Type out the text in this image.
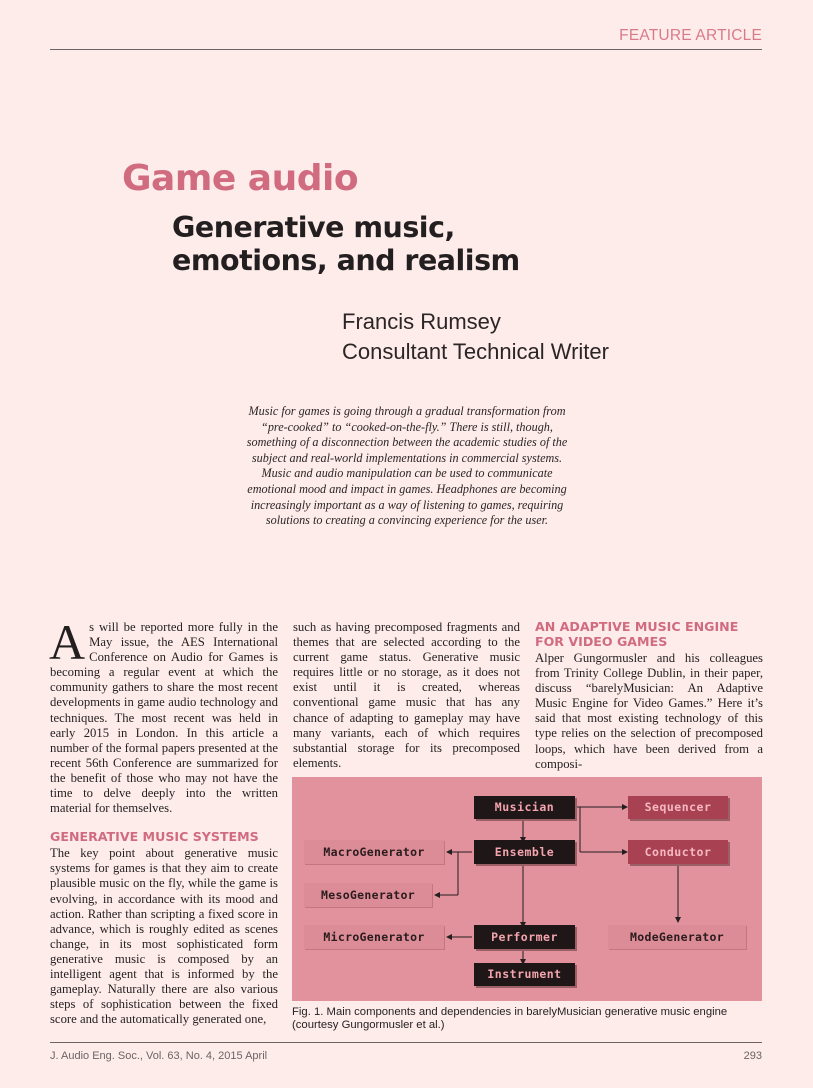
FEATURE ARTICLE
Game audio
Generative music,
emotions, and realism
Francis Rumsey
Consultant Technical Writer
Music for games is going through a gradual transformation from
“pre-cooked” to “cooked-on-the-fly.” There is still, though,
something of a disconnection between the academic studies of the
subject and real-world implementations in commercial systems.
Music and audio manipulation can be used to communicate
emotional mood and impact in games. Headphones are becoming
increasingly important as a way of listening to games, requiring
solutions to creating a convincing experience for the user.

As will be reported more fully in the May issue, the AES International Conference on Audio for Games is becoming a regular event at which the community gathers to share the most recent developments in game audio technology and techniques. The most recent was held in early 2015 in London. In this article a number of the formal papers presented at the recent 56th Conference are summarized for the benefit of those who may not have the time to delve deeply into the written material for themselves.

GENERATIVE MUSIC SYSTEMS

The key point about generative music systems for games is that they aim to create plausible music on the fly, while the game is evolving, in accordance with its mood and action. Rather than scripting a fixed score in advance, which is roughly edited as scenes change, in its most sophisticated form generative music is composed by an intelligent agent that is informed by the gameplay. Naturally there are also various steps of sophistication between the fixed score and the automatically generated one,

such as having precomposed fragments and themes that are selected according to the current game status. Generative music requires little or no storage, as it does not exist until it is created, whereas conventional game music that has any chance of adapting to gameplay may have many variants, each of which requires substantial storage for its precomposed elements.

AN ADAPTIVE MUSIC ENGINE
FOR VIDEO GAMES

Alper Gungormusler and his colleagues from Trinity College Dublin, in their paper, discuss “barelyMusician: An Adaptive Music Engine for Video Games.” Here it’s said that most existing technology of this type relies on the selection of precomposed loops, which have been derived from a composi-

Musician	Sequencer
MacroGenerator	Ensemble	Conductor
MesoGenerator
MicroGenerator	Performer	ModeGenerator
Instrument
Fig. 1. Main components and dependencies in barelyMusician generative music engine (courtesy Gungormusler et al.)
J. Audio Eng. Soc., Vol. 63, No. 4, 2015 April	293
